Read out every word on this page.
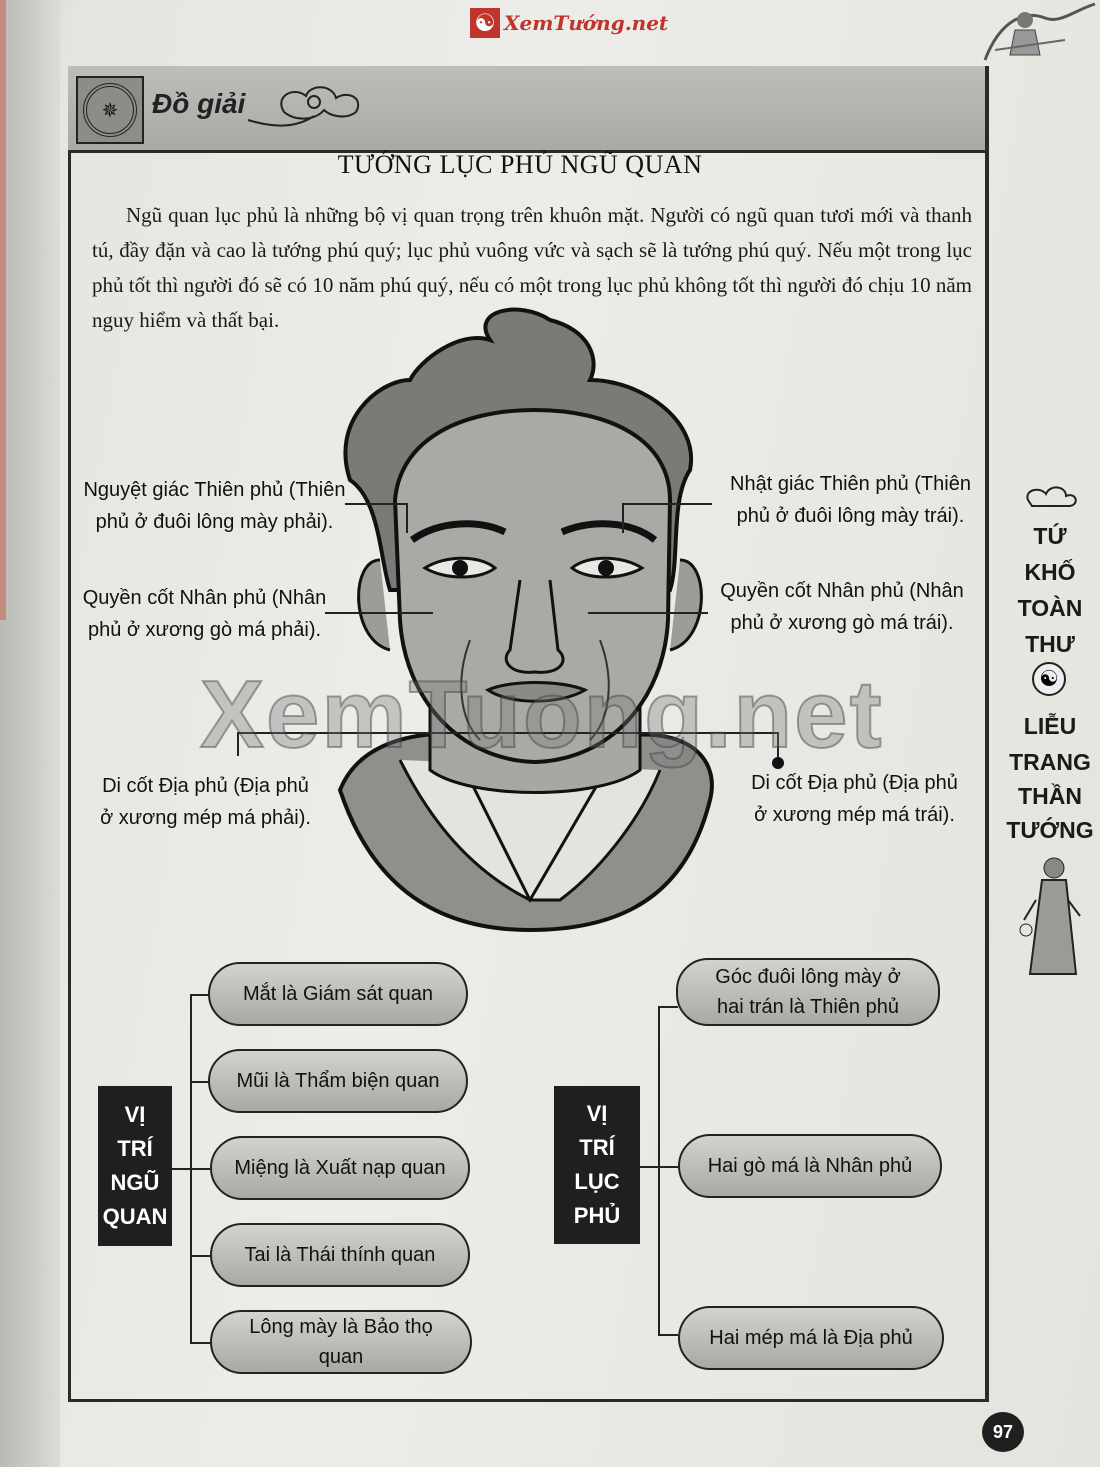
☯ XemTướng.net
✵	Đồ giải
TƯỚNG LỤC PHỦ NGŨ QUAN
Ngũ quan lục phủ là những bộ vị quan trọng trên khuôn mặt. Người có ngũ quan tươi mới và thanh tú, đầy đặn và cao là tướng phú quý; lục phủ vuông vức và sạch sẽ là tướng phú quý. Nếu một trong lục phủ tốt thì người đó sẽ có 10 năm phú quý, nếu có một trong lục phủ không tốt thì người đó chịu 10 năm nguy hiểm và thất bại.
Nguyệt giác Thiên phủ (Thiên
phủ ở đuôi lông mày phải).
Quyền cốt Nhân phủ (Nhân
phủ ở xương gò má phải).
Di cốt Địa phủ (Địa phủ
ở xương mép má phải).
Nhật giác Thiên phủ (Thiên
phủ ở đuôi lông mày trái).
Quyền cốt Nhân phủ (Nhân
phủ ở xương gò má trái).
Di cốt Địa phủ (Địa phủ
ở xương mép má trái).
XemTuong.net
VỊ
TRÍ
NGŨ
QUAN
Mắt là Giám sát quan
Mũi là Thẩm biện quan
Miệng là Xuất nạp quan
Tai là Thái thính quan
Lông mày là Bảo thọ quan
VỊ
TRÍ
LỤC
PHỦ
Góc đuôi lông mày ở
hai trán là Thiên phủ
Hai gò má là Nhân phủ
Hai mép má là Địa phủ
TỨ
KHỐ
TOÀN
THƯ
☯
LIỄU
TRANG
THẦN
TƯỚNG
97
